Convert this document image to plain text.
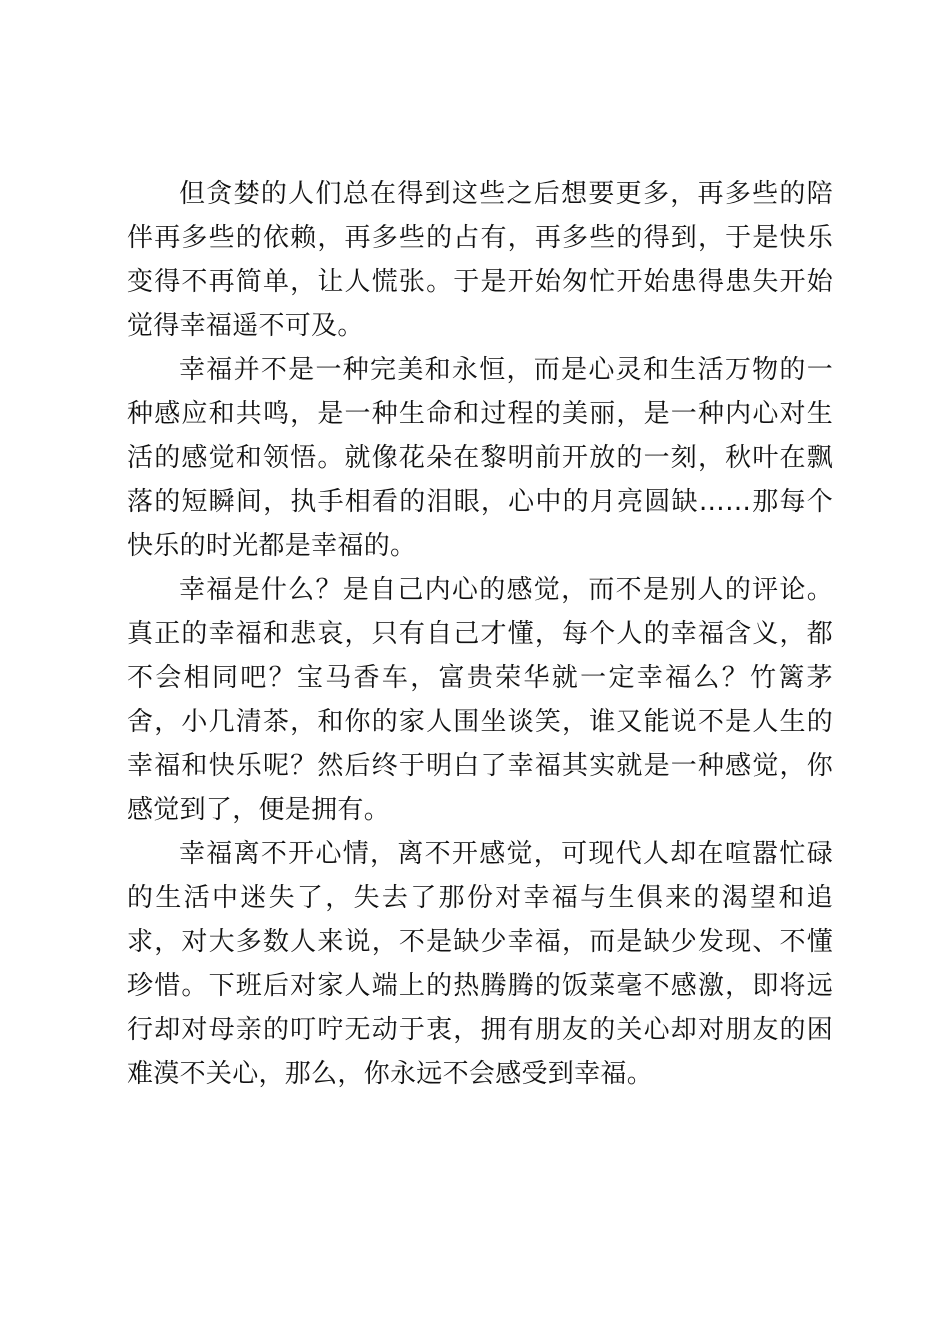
但贪婪的人们总在得到这些之后想要更多，再多些的陪伴再多些的依赖，再多些的占有，再多些的得到，于是快乐变得不再简单，让人慌张。于是开始匆忙开始患得患失开始觉得幸福遥不可及。

幸福并不是一种完美和永恒，而是心灵和生活万物的一种感应和共鸣，是一种生命和过程的美丽，是一种内心对生活的感觉和领悟。就像花朵在黎明前开放的一刻，秋叶在飘落的短瞬间，执手相看的泪眼，心中的月亮圆缺……那每个快乐的时光都是幸福的。

幸福是什么？是自己内心的感觉，而不是别人的评论。真正的幸福和悲哀，只有自己才懂，每个人的幸福含义，都不会相同吧？宝马香车，富贵荣华就一定幸福么？竹篱茅舍，小几清茶，和你的家人围坐谈笑，谁又能说不是人生的幸福和快乐呢？然后终于明白了幸福其实就是一种感觉，你感觉到了，便是拥有。

幸福离不开心情，离不开感觉，可现代人却在喧嚣忙碌的生活中迷失了，失去了那份对幸福与生俱来的渴望和追求，对大多数人来说，不是缺少幸福，而是缺少发现、不懂珍惜。下班后对家人端上的热腾腾的饭菜毫不感激，即将远行却对母亲的叮咛无动于衷，拥有朋友的关心却对朋友的困难漠不关心，那么，你永远不会感受到幸福。
